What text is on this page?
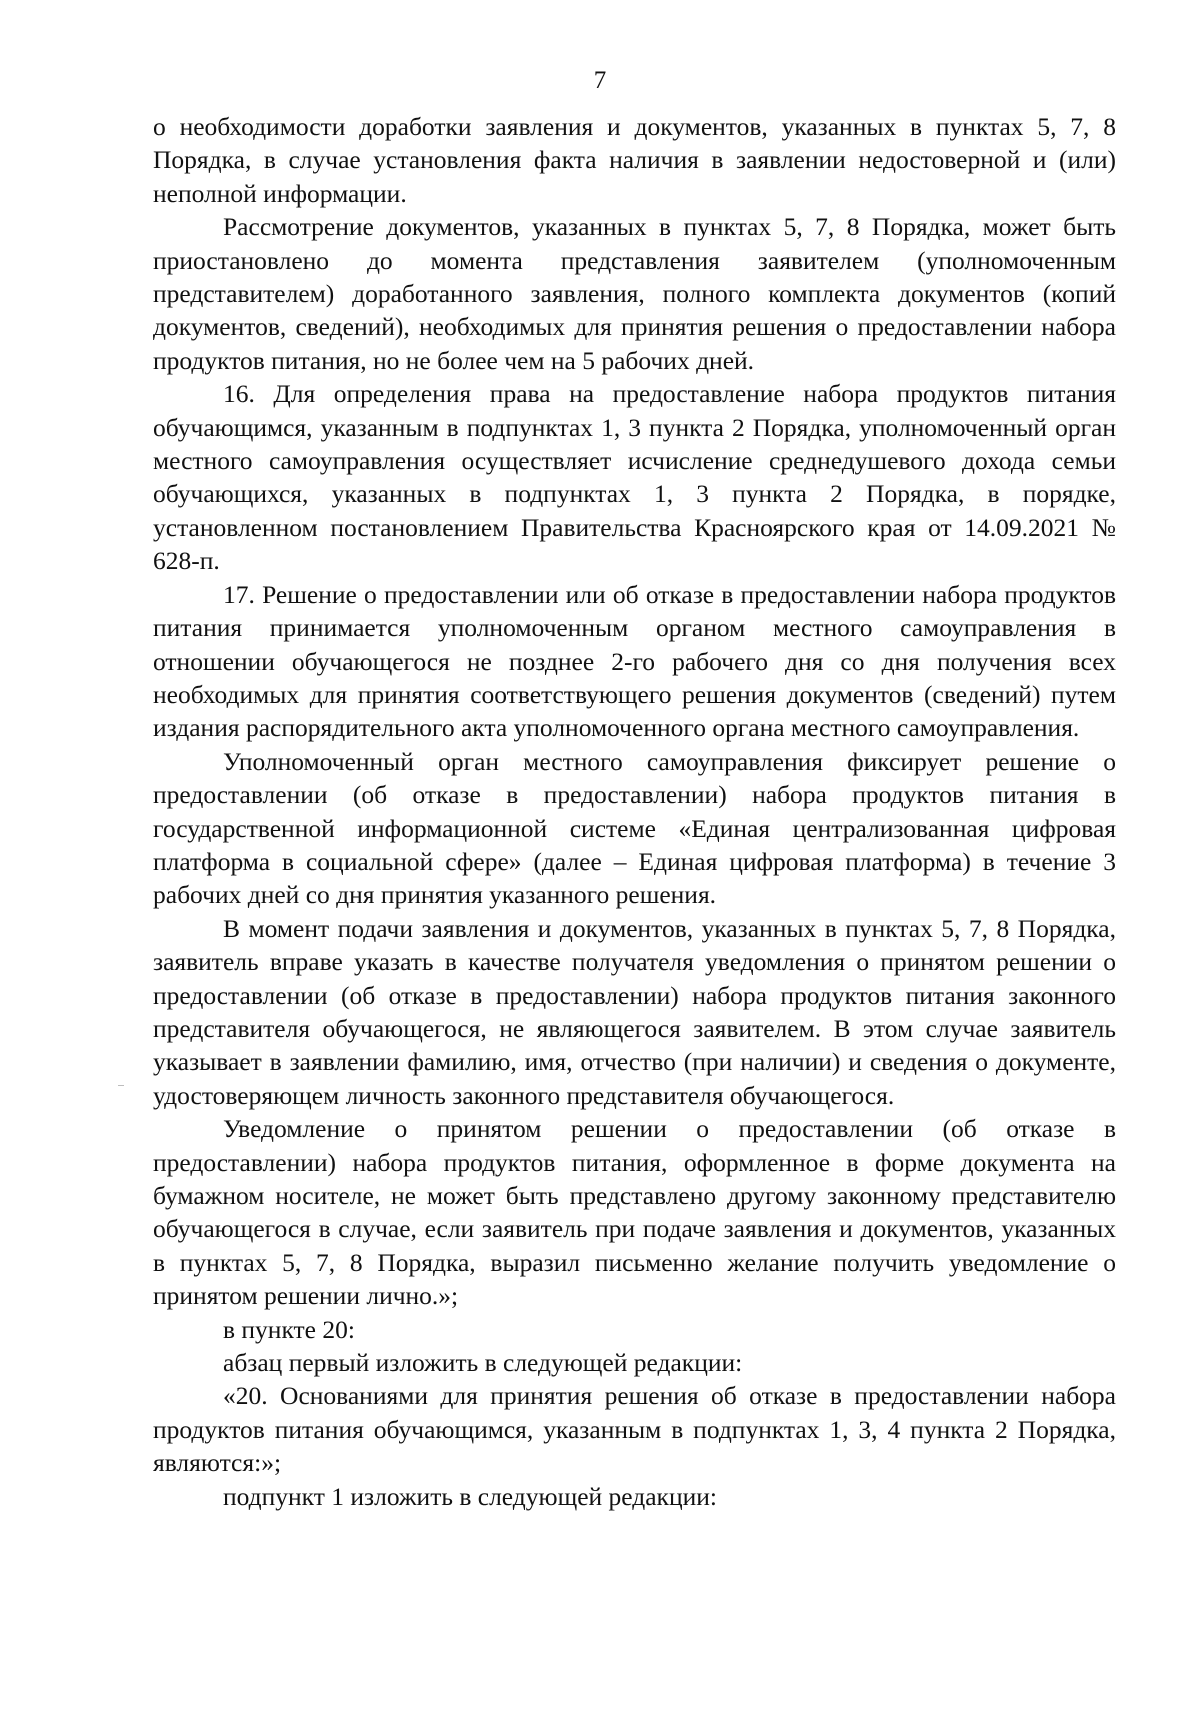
7

о необходимости доработки заявления и документов, указанных в пунктах 5, 7, 8 Порядка, в случае установления факта наличия в заявлении недостоверной и (или) неполной информации.

Рассмотрение документов, указанных в пунктах 5, 7, 8 Порядка, может быть приостановлено до момента представления заявителем (уполномоченным представителем) доработанного заявления, полного комплекта документов (копий документов, сведений), необходимых для принятия решения о предоставлении набора продуктов питания, но не более чем на 5 рабочих дней.

16. Для определения права на предоставление набора продуктов питания обучающимся, указанным в подпунктах 1, 3 пункта 2 Порядка, уполномоченный орган местного самоуправления осуществляет исчисление среднедушевого дохода семьи обучающихся, указанных в подпунктах 1, 3 пункта 2 Порядка, в порядке, установленном постановлением Правительства Красноярского края от 14.09.2021 № 628-п.

17. Решение о предоставлении или об отказе в предоставлении набора продуктов питания принимается уполномоченным органом местного самоуправления в отношении обучающегося не позднее 2-го рабочего дня со дня получения всех необходимых для принятия соответствующего решения документов (сведений) путем издания распорядительного акта уполномоченного органа местного самоуправления.

Уполномоченный орган местного самоуправления фиксирует решение о предоставлении (об отказе в предоставлении) набора продуктов питания в государственной информационной системе «Единая централизованная цифровая платформа в социальной сфере» (далее – Единая цифровая платформа) в течение 3 рабочих дней со дня принятия указанного решения.

В момент подачи заявления и документов, указанных в пунктах 5, 7, 8 Порядка, заявитель вправе указать в качестве получателя уведомления о принятом решении о предоставлении (об отказе в предоставлении) набора продуктов питания законного представителя обучающегося, не являющегося заявителем. В этом случае заявитель указывает в заявлении фамилию, имя, отчество (при наличии) и сведения о документе, удостоверяющем личность законного представителя обучающегося.

Уведомление о принятом решении о предоставлении (об отказе в предоставлении) набора продуктов питания, оформленное в форме документа на бумажном носителе, не может быть представлено другому законному представителю обучающегося в случае, если заявитель при подаче заявления и документов, указанных в пунктах 5, 7, 8 Порядка, выразил письменно желание получить уведомление о принятом решении лично.»;

в пункте 20:

абзац первый изложить в следующей редакции:

«20. Основаниями для принятия решения об отказе в предоставлении набора продуктов питания обучающимся, указанным в подпунктах 1, 3, 4 пункта 2 Порядка, являются:»;

подпункт 1 изложить в следующей редакции:
